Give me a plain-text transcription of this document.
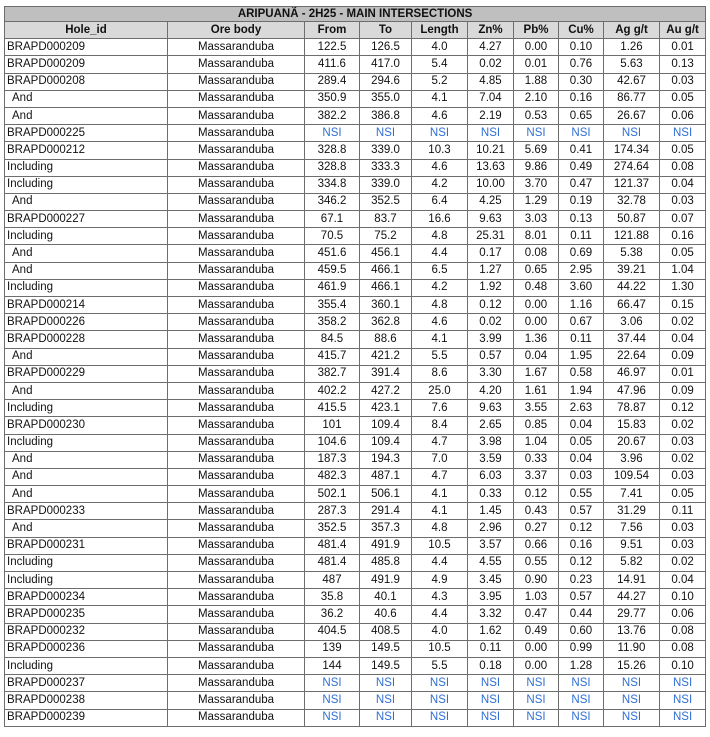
ARIPUANÃ - 2H25 - MAIN INTERSECTIONS									
Hole_id	Ore body	From	To	Length	Zn%	Pb%	Cu%	Ag g/t	Au g/t
BRAPD000209	Massaranduba	122.5	126.5	4.0	4.27	0.00	0.10	1.26	0.01
BRAPD000209	Massaranduba	411.6	417.0	5.4	0.02	0.01	0.76	5.63	0.13
BRAPD000208	Massaranduba	289.4	294.6	5.2	4.85	1.88	0.30	42.67	0.03
And	Massaranduba	350.9	355.0	4.1	7.04	2.10	0.16	86.77	0.05
And	Massaranduba	382.2	386.8	4.6	2.19	0.53	0.65	26.67	0.06
BRAPD000225	Massaranduba	NSI	NSI	NSI	NSI	NSI	NSI	NSI	NSI
BRAPD000212	Massaranduba	328.8	339.0	10.3	10.21	5.69	0.41	174.34	0.05
Including	Massaranduba	328.8	333.3	4.6	13.63	9.86	0.49	274.64	0.08
Including	Massaranduba	334.8	339.0	4.2	10.00	3.70	0.47	121.37	0.04
And	Massaranduba	346.2	352.5	6.4	4.25	1.29	0.19	32.78	0.03
BRAPD000227	Massaranduba	67.1	83.7	16.6	9.63	3.03	0.13	50.87	0.07
Including	Massaranduba	70.5	75.2	4.8	25.31	8.01	0.11	121.88	0.16
And	Massaranduba	451.6	456.1	4.4	0.17	0.08	0.69	5.38	0.05
And	Massaranduba	459.5	466.1	6.5	1.27	0.65	2.95	39.21	1.04
Including	Massaranduba	461.9	466.1	4.2	1.92	0.48	3.60	44.22	1.30
BRAPD000214	Massaranduba	355.4	360.1	4.8	0.12	0.00	1.16	66.47	0.15
BRAPD000226	Massaranduba	358.2	362.8	4.6	0.02	0.00	0.67	3.06	0.02
BRAPD000228	Massaranduba	84.5	88.6	4.1	3.99	1.36	0.11	37.44	0.04
And	Massaranduba	415.7	421.2	5.5	0.57	0.04	1.95	22.64	0.09
BRAPD000229	Massaranduba	382.7	391.4	8.6	3.30	1.67	0.58	46.97	0.01
And	Massaranduba	402.2	427.2	25.0	4.20	1.61	1.94	47.96	0.09
Including	Massaranduba	415.5	423.1	7.6	9.63	3.55	2.63	78.87	0.12
BRAPD000230	Massaranduba	101	109.4	8.4	2.65	0.85	0.04	15.83	0.02
Including	Massaranduba	104.6	109.4	4.7	3.98	1.04	0.05	20.67	0.03
And	Massaranduba	187.3	194.3	7.0	3.59	0.33	0.04	3.96	0.02
And	Massaranduba	482.3	487.1	4.7	6.03	3.37	0.03	109.54	0.03
And	Massaranduba	502.1	506.1	4.1	0.33	0.12	0.55	7.41	0.05
BRAPD000233	Massaranduba	287.3	291.4	4.1	1.45	0.43	0.57	31.29	0.11
And	Massaranduba	352.5	357.3	4.8	2.96	0.27	0.12	7.56	0.03
BRAPD000231	Massaranduba	481.4	491.9	10.5	3.57	0.66	0.16	9.51	0.03
Including	Massaranduba	481.4	485.8	4.4	4.55	0.55	0.12	5.82	0.02
Including	Massaranduba	487	491.9	4.9	3.45	0.90	0.23	14.91	0.04
BRAPD000234	Massaranduba	35.8	40.1	4.3	3.95	1.03	0.57	44.27	0.10
BRAPD000235	Massaranduba	36.2	40.6	4.4	3.32	0.47	0.44	29.77	0.06
BRAPD000232	Massaranduba	404.5	408.5	4.0	1.62	0.49	0.60	13.76	0.08
BRAPD000236	Massaranduba	139	149.5	10.5	0.11	0.00	0.99	11.90	0.08
Including	Massaranduba	144	149.5	5.5	0.18	0.00	1.28	15.26	0.10
BRAPD000237	Massaranduba	NSI	NSI	NSI	NSI	NSI	NSI	NSI	NSI
BRAPD000238	Massaranduba	NSI	NSI	NSI	NSI	NSI	NSI	NSI	NSI
BRAPD000239	Massaranduba	NSI	NSI	NSI	NSI	NSI	NSI	NSI	NSI
